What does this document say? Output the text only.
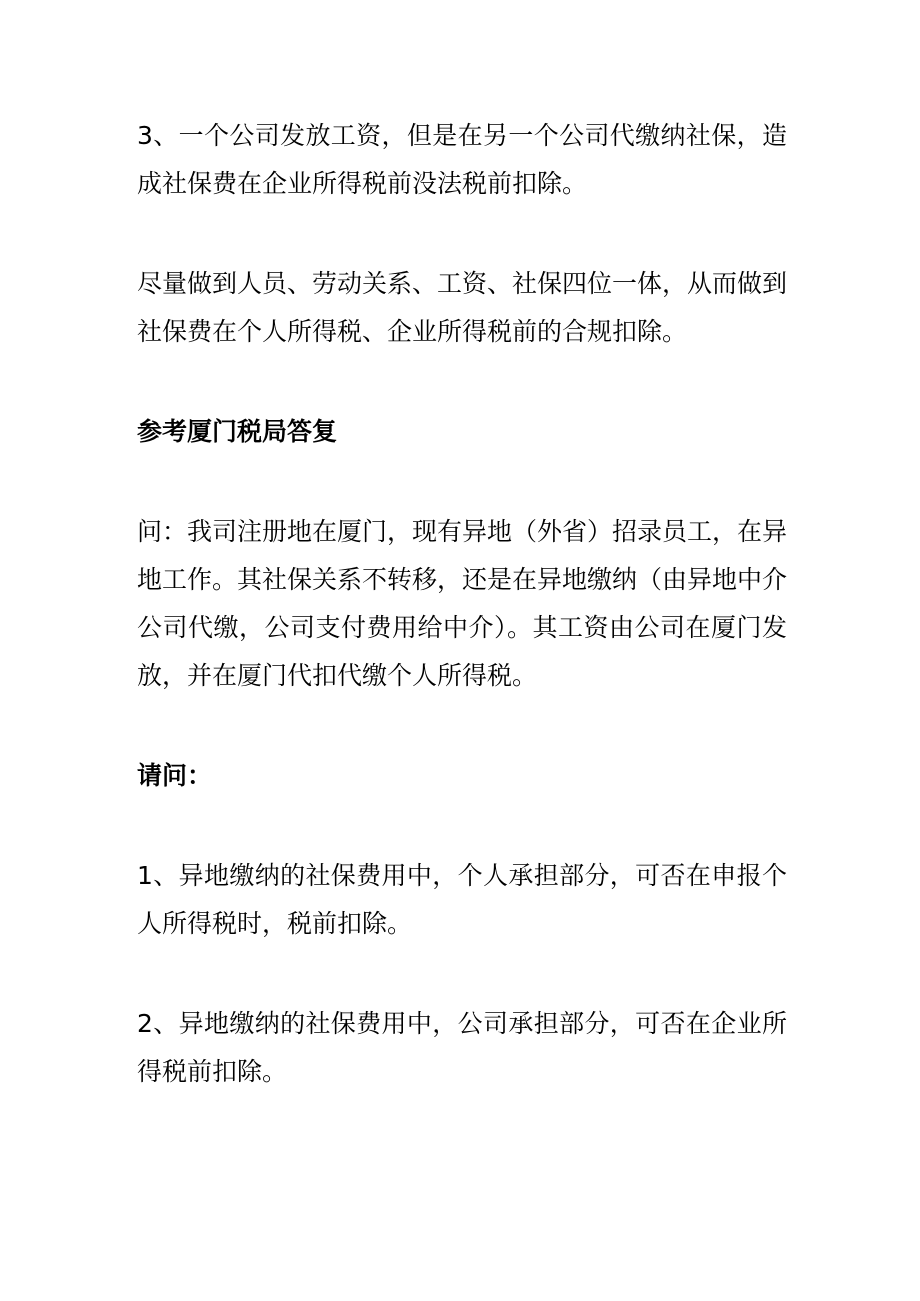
3、一个公司发放工资，但是在另一个公司代缴纳社保，造成社保费在企业所得税前没法税前扣除。

尽量做到人员、劳动关系、工资、社保四位一体，从而做到社保费在个人所得税、企业所得税前的合规扣除。

参考厦门税局答复

问：我司注册地在厦门，现有异地（外省）招录员工，在异地工作。其社保关系不转移，还是在异地缴纳（由异地中介公司代缴，公司支付费用给中介）。其工资由公司在厦门发放，并在厦门代扣代缴个人所得税。

请问：

1、异地缴纳的社保费用中，个人承担部分，可否在申报个人所得税时，税前扣除。

2、异地缴纳的社保费用中，公司承担部分，可否在企业所得税前扣除。
